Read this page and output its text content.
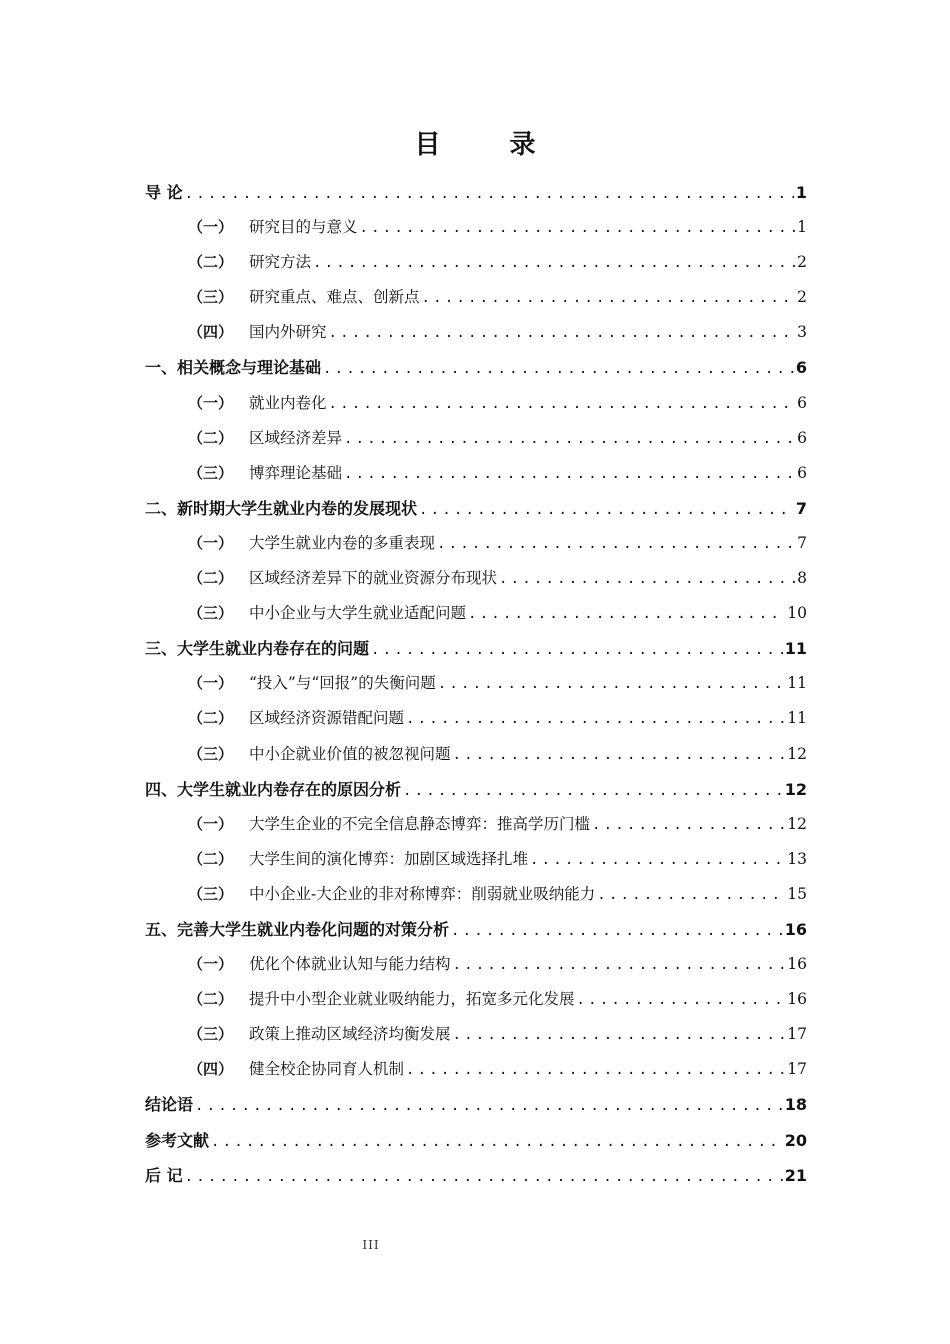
目 录
导 论 .....	1
（一）	研究目的与意义 .....	1
（二）	研究方法 .....	2
（三）	研究重点、难点、创新点 .....	2
（四）	国内外研究 .....	3
一、相关概念与理论基础 .....	6
（一）	就业内卷化 .....	6
（二）	区域经济差异 .....	6
（三）	博弈理论基础 .....	6
二、新时期大学生就业内卷的发展现状 .....	7
（一）	大学生就业内卷的多重表现 .....	7
（二）	区域经济差异下的就业资源分布现状 .....	8
（三）	中小企业与大学生就业适配问题 .....	10
三、大学生就业内卷存在的问题 .....	11
（一）	“投入”与“回报”的失衡问题 .....	11
（二）	区域经济资源错配问题 .....	11
（三）	中小企就业价值的被忽视问题 .....	12
四、大学生就业内卷存在的原因分析 .....	12
（一）	大学生企业的不完全信息静态博弈：推高学历门槛 .....	12
（二）	大学生间的演化博弈：加剧区域选择扎堆 .....	13
（三）	中小企业-大企业的非对称博弈：削弱就业吸纳能力 .....	15
五、完善大学生就业内卷化问题的对策分析 .....	16
（一）	优化个体就业认知与能力结构 .....	16
（二）	提升中小型企业就业吸纳能力，拓宽多元化发展 .....	16
（三）	政策上推动区域经济均衡发展 .....	17
（四）	健全校企协同育人机制 .....	17
结论语 .....	18
参考文献 .....	20
后 记 .....	21
III
